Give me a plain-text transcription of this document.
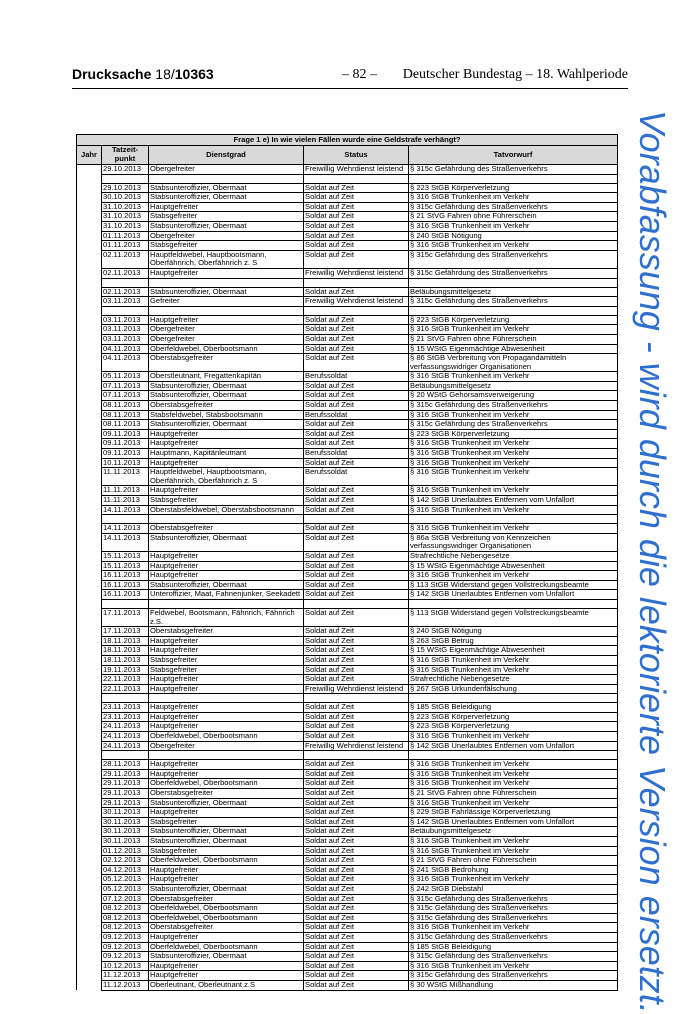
Drucksache 18/10363	– 82 – Deutscher Bundestag – 18. Wahlperiode
Vorabfassung - wird durch die lektorierte Version ersetzt.
Frage 1 e) In wie vielen Fällen wurde eine Geldstrafe verhängt?				
Jahr	Tatzeit-punkt	Dienstgrad	Status	Tatvorwurf
	29.10.2013	Obergefreiter	Freiwillig Wehrdienst leistend	§ 315c Gefährdung des Straßenverkehrs

	29.10.2013	Stabsunteroffizier, Obermaat	Soldat auf Zeit	§ 223 StGB Körperverletzung
	30.10.2013	Stabsunteroffizier, Obermaat	Soldat auf Zeit	§ 316 StGB Trunkenheit im Verkehr
	31.10.2013	Hauptgefreiter	Soldat auf Zeit	§ 315c Gefährdung des Straßenverkehrs
	31.10.2013	Stabsgefreiter	Soldat auf Zeit	§ 21 StVG Fahren ohne Führerschein
	31.10.2013	Stabsunteroffizier, Obermaat	Soldat auf Zeit	§ 316 StGB Trunkenheit im Verkehr
	01.11.2013	Obergefreiter	Soldat auf Zeit	§ 240 StGB Nötigung
	01.11.2013	Stabsgefreiter	Soldat auf Zeit	§ 316 StGB Trunkenheit im Verkehr
	02.11.2013	Hauptfeldwebel, Hauptbootsmann, Oberfähnrich, Oberfähnrich z. S	Soldat auf Zeit	§ 315c Gefährdung des Straßenverkehrs
	02.11.2013	Hauptgefreiter	Freiwillig Wehrdienst leistend	§ 315c Gefährdung des Straßenverkehrs

	02.11.2013	Stabsunteroffizier, Obermaat	Soldat auf Zeit	Betäubungsmittelgesetz
	03.11.2013	Gefreiter	Freiwillig Wehrdienst leistend	§ 315c Gefährdung des Straßenverkehrs

	03.11.2013	Hauptgefreiter	Soldat auf Zeit	§ 223 StGB Körperverletzung
	03.11.2013	Obergefreiter	Soldat auf Zeit	§ 316 StGB Trunkenheit im Verkehr
	03.11.2013	Obergefreiter	Soldat auf Zeit	§ 21 StVG Fahren ohne Führerschein
	04.11.2013	Oberfeldwebel, Oberbootsmann	Soldat auf Zeit	§ 15 WStG Eigenmächtige Abwesenheit
	04.11.2013	Oberstabsgefreiter	Soldat auf Zeit	§ 86 StGB Verbreitung von Propagandamitteln verfassungswidriger Organisationen
	05.11.2013	Oberstleutnant, Fregattenkapitän	Berufssoldat	§ 316 StGB Trunkenheit im Verkehr
	07.11.2013	Stabsunteroffizier, Obermaat	Soldat auf Zeit	Betäubungsmittelgesetz
	07.11.2013	Stabsunteroffizier, Obermaat	Soldat auf Zeit	§ 20 WStG Gehorsamsverweigerung
	08.11.2013	Oberstabsgefreiter	Soldat auf Zeit	§ 315c Gefährdung des Straßenverkehrs
	08.11.2013	Stabsfeldwebel, Stabsbootsmann	Berufssoldat	§ 316 StGB Trunkenheit im Verkehr
	08.11.2013	Stabsunteroffizier, Obermaat	Soldat auf Zeit	§ 315c Gefährdung des Straßenverkehrs
	09.11.2013	Hauptgefreiter	Soldat auf Zeit	§ 223 StGB Körperverletzung
	09.11.2013	Hauptgefreiter	Soldat auf Zeit	§ 316 StGB Trunkenheit im Verkehr
	09.11.2013	Hauptmann, Kapitänleutnant	Berufssoldat	§ 316 StGB Trunkenheit im Verkehr
	10.11.2013	Hauptgefreiter	Soldat auf Zeit	§ 316 StGB Trunkenheit im Verkehr
	11.11.2013	Hauptfeldwebel, Hauptbootsmann, Oberfähnrich, Oberfähnrich z. S	Berufssoldat	§ 316 StGB Trunkenheit im Verkehr
	11.11.2013	Hauptgefreiter	Soldat auf Zeit	§ 316 StGB Trunkenheit im Verkehr
	11.11.2013	Stabsgefreiter	Soldat auf Zeit	§ 142 StGB Unerlaubtes Entfernen vom Unfallort
	14.11.2013	Oberstabsfeldwebel, Oberstabsbootsmann	Soldat auf Zeit	§ 316 StGB Trunkenheit im Verkehr

	14.11.2013	Oberstabsgefreiter	Soldat auf Zeit	§ 316 StGB Trunkenheit im Verkehr
	14.11.2013	Stabsunteroffizier, Obermaat	Soldat auf Zeit	§ 86a StGB Verbreitung von Kennzeichen verfassungswidriger Organisationen
	15.11.2013	Hauptgefreiter	Soldat auf Zeit	Strafrechtliche Nebengesetze
	15.11.2013	Hauptgefreiter	Soldat auf Zeit	§ 15 WStG Eigenmächtige Abwesenheit
	16.11.2013	Hauptgefreiter	Soldat auf Zeit	§ 316 StGB Trunkenheit im Verkehr
	16.11.2013	Stabsunteroffizier, Obermaat	Soldat auf Zeit	§ 113 StGB Widerstand gegen Vollstreckungsbeamte
	16.11.2013	Unteroffizier, Maat, Fahnenjunker, Seekadett	Soldat auf Zeit	§ 142 StGB Unerlaubtes Entfernen vom Unfallort

	17.11.2013	Feldwebel, Bootsmann, Fähnrich, Fähnrich z.S.	Soldat auf Zeit	§ 113 StGB Widerstand gegen Vollstreckungsbeamte
	17.11.2013	Oberstabsgefreiter	Soldat auf Zeit	§ 240 StGB Nötigung
	18.11.2013	Hauptgefreiter	Soldat auf Zeit	§ 263 StGB Betrug
	18.11.2013	Hauptgefreiter	Soldat auf Zeit	§ 15 WStG Eigenmächtige Abwesenheit
	18.11.2013	Stabsgefreiter	Soldat auf Zeit	§ 316 StGB Trunkenheit im Verkehr
	19.11.2013	Stabsgefreiter	Soldat auf Zeit	§ 316 StGB Trunkenheit im Verkehr
	22.11.2013	Hauptgefreiter	Soldat auf Zeit	Strafrechtliche Nebengesetze
	22.11.2013	Hauptgefreiter	Freiwillig Wehrdienst leistend	§ 267 StGB Urkundenfälschung

	23.11.2013	Hauptgefreiter	Soldat auf Zeit	§ 185 StGB Beleidigung
	23.11.2013	Hauptgefreiter	Soldat auf Zeit	§ 223 StGB Körperverletzung
	24.11.2013	Hauptgefreiter	Soldat auf Zeit	§ 223 StGB Körperverletzung
	24.11.2013	Oberfeldwebel, Oberbootsmann	Soldat auf Zeit	§ 316 StGB Trunkenheit im Verkehr
	24.11.2013	Obergefreiter	Freiwillig Wehrdienst leistend	§ 142 StGB Unerlaubtes Entfernen vom Unfallort

	28.11.2013	Hauptgefreiter	Soldat auf Zeit	§ 316 StGB Trunkenheit im Verkehr
	29.11.2013	Hauptgefreiter	Soldat auf Zeit	§ 316 StGB Trunkenheit im Verkehr
	29.11.2013	Oberfeldwebel, Oberbootsmann	Soldat auf Zeit	§ 316 StGB Trunkenheit im Verkehr
	29.11.2013	Oberstabsgefreiter	Soldat auf Zeit	§ 21 StVG Fahren ohne Führerschein
	29.11.2013	Stabsunteroffizier, Obermaat	Soldat auf Zeit	§ 316 StGB Trunkenheit im Verkehr
	30.11.2013	Hauptgefreiter	Soldat auf Zeit	§ 229 StGB Fahrlässige Körperverletzung
	30.11.2013	Stabsgefreiter	Soldat auf Zeit	§ 142 StGB Unerlaubtes Entfernen vom Unfallort
	30.11.2013	Stabsunteroffizier, Obermaat	Soldat auf Zeit	Betäubungsmittelgesetz
	30.11.2013	Stabsunteroffizier, Obermaat	Soldat auf Zeit	§ 316 StGB Trunkenheit im Verkehr
	01.12.2013	Stabsgefreiter	Soldat auf Zeit	§ 316 StGB Trunkenheit im Verkehr
	02.12.2013	Oberfeldwebel, Oberbootsmann	Soldat auf Zeit	§ 21 StVG Fahren ohne Führerschein
	04.12.2013	Hauptgefreiter	Soldat auf Zeit	§ 241 StGB Bedrohung
	05.12.2013	Hauptgefreiter	Soldat auf Zeit	§ 316 StGB Trunkenheit im Verkehr
	05.12.2013	Stabsunteroffizier, Obermaat	Soldat auf Zeit	§ 242 StGB Diebstahl
	07.12.2013	Oberstabsgefreiter	Soldat auf Zeit	§ 315c Gefährdung des Straßenverkehrs
	08.12.2013	Oberfeldwebel, Oberbootsmann	Soldat auf Zeit	§ 315c Gefährdung des Straßenverkehrs
	08.12.2013	Oberfeldwebel, Oberbootsmann	Soldat auf Zeit	§ 315c Gefährdung des Straßenverkehrs
	08.12.2013	Oberstabsgefreiter	Soldat auf Zeit	§ 316 StGB Trunkenheit im Verkehr
	09.12.2013	Hauptgefreiter	Soldat auf Zeit	§ 315c Gefährdung des Straßenverkehrs
	09.12.2013	Oberfeldwebel, Oberbootsmann	Soldat auf Zeit	§ 185 StGB Beleidigung
	09.12.2013	Stabsunteroffizier, Obermaat	Soldat auf Zeit	§ 315c Gefährdung des Straßenverkehrs
	10.12.2013	Hauptgefreiter	Soldat auf Zeit	§ 316 StGB Trunkenheit im Verkehr
	11.12.2013	Hauptgefreiter	Soldat auf Zeit	§ 315c Gefährdung des Straßenverkehrs
	11.12.2013	Oberleutnant, Oberleutnant z.S	Soldat auf Zeit	§ 30 WStG Mißhandlung
